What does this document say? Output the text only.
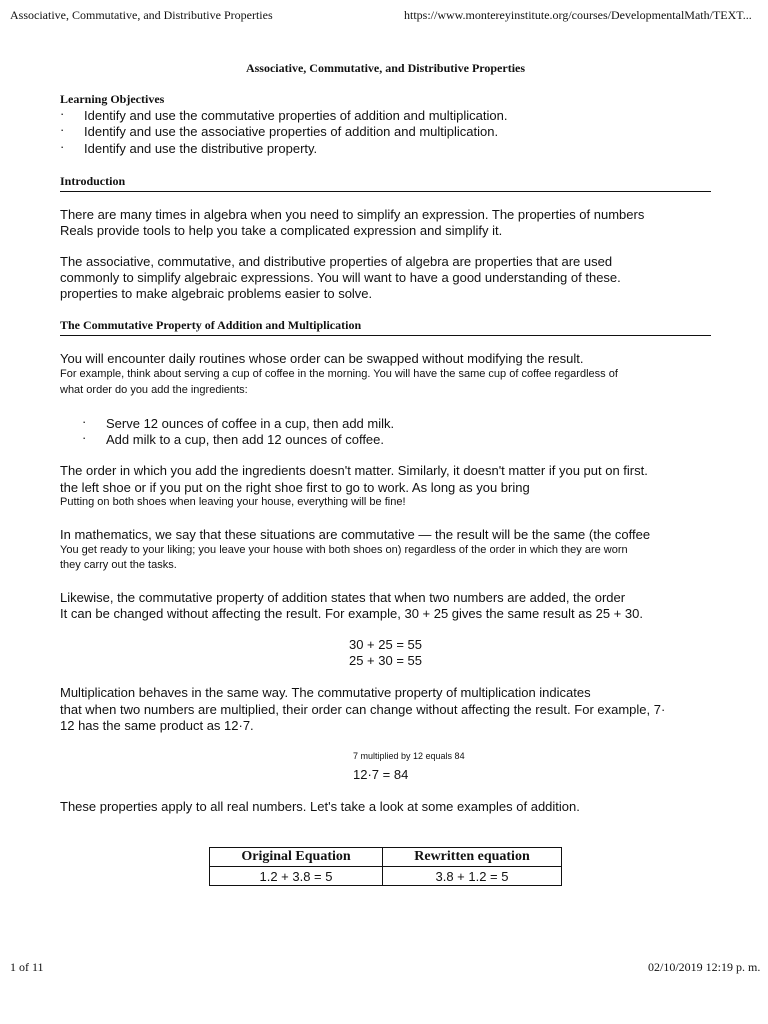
Associative, Commutative, and Distributive Properties	https://www.montereyinstitute.org/courses/DevelopmentalMath/TEXT...
Associative, Commutative, and Distributive Properties
Learning Objectives
· Identify and use the commutative properties of addition and multiplication.
· Identify and use the associative properties of addition and multiplication.
· Identify and use the distributive property.
Introduction
There are many times in algebra when you need to simplify an expression. The properties of numbers
Reals provide tools to help you take a complicated expression and simplify it.
The associative, commutative, and distributive properties of algebra are properties that are used
commonly to simplify algebraic expressions. You will want to have a good understanding of these.
properties to make algebraic problems easier to solve.
The Commutative Property of Addition and Multiplication
You will encounter daily routines whose order can be swapped without modifying the result.
For example, think about serving a cup of coffee in the morning. You will have the same cup of coffee regardless of
what order do you add the ingredients:
· Serve 12 ounces of coffee in a cup, then add milk.
· Add milk to a cup, then add 12 ounces of coffee.
The order in which you add the ingredients doesn't matter. Similarly, it doesn't matter if you put on first.
the left shoe or if you put on the right shoe first to go to work. As long as you bring
Putting on both shoes when leaving your house, everything will be fine!
In mathematics, we say that these situations are commutative — the result will be the same (the coffee
You get ready to your liking; you leave your house with both shoes on) regardless of the order in which they are worn
they carry out the tasks.
Likewise, the commutative property of addition states that when two numbers are added, the order
It can be changed without affecting the result. For example, 30 + 25 gives the same result as 25 + 30.
30 + 25 = 55
25 + 30 = 55
Multiplication behaves in the same way. The commutative property of multiplication indicates
that when two numbers are multiplied, their order can change without affecting the result. For example, 7·
12 has the same product as 12·7.
7 multiplied by 12 equals 84
12·7 = 84
These properties apply to all real numbers. Let's take a look at some examples of addition.
Original Equation	Rewritten equation
1.2 + 3.8 = 5	3.8 + 1.2 = 5
1 of 11	02/10/2019 12:19 p. m.
